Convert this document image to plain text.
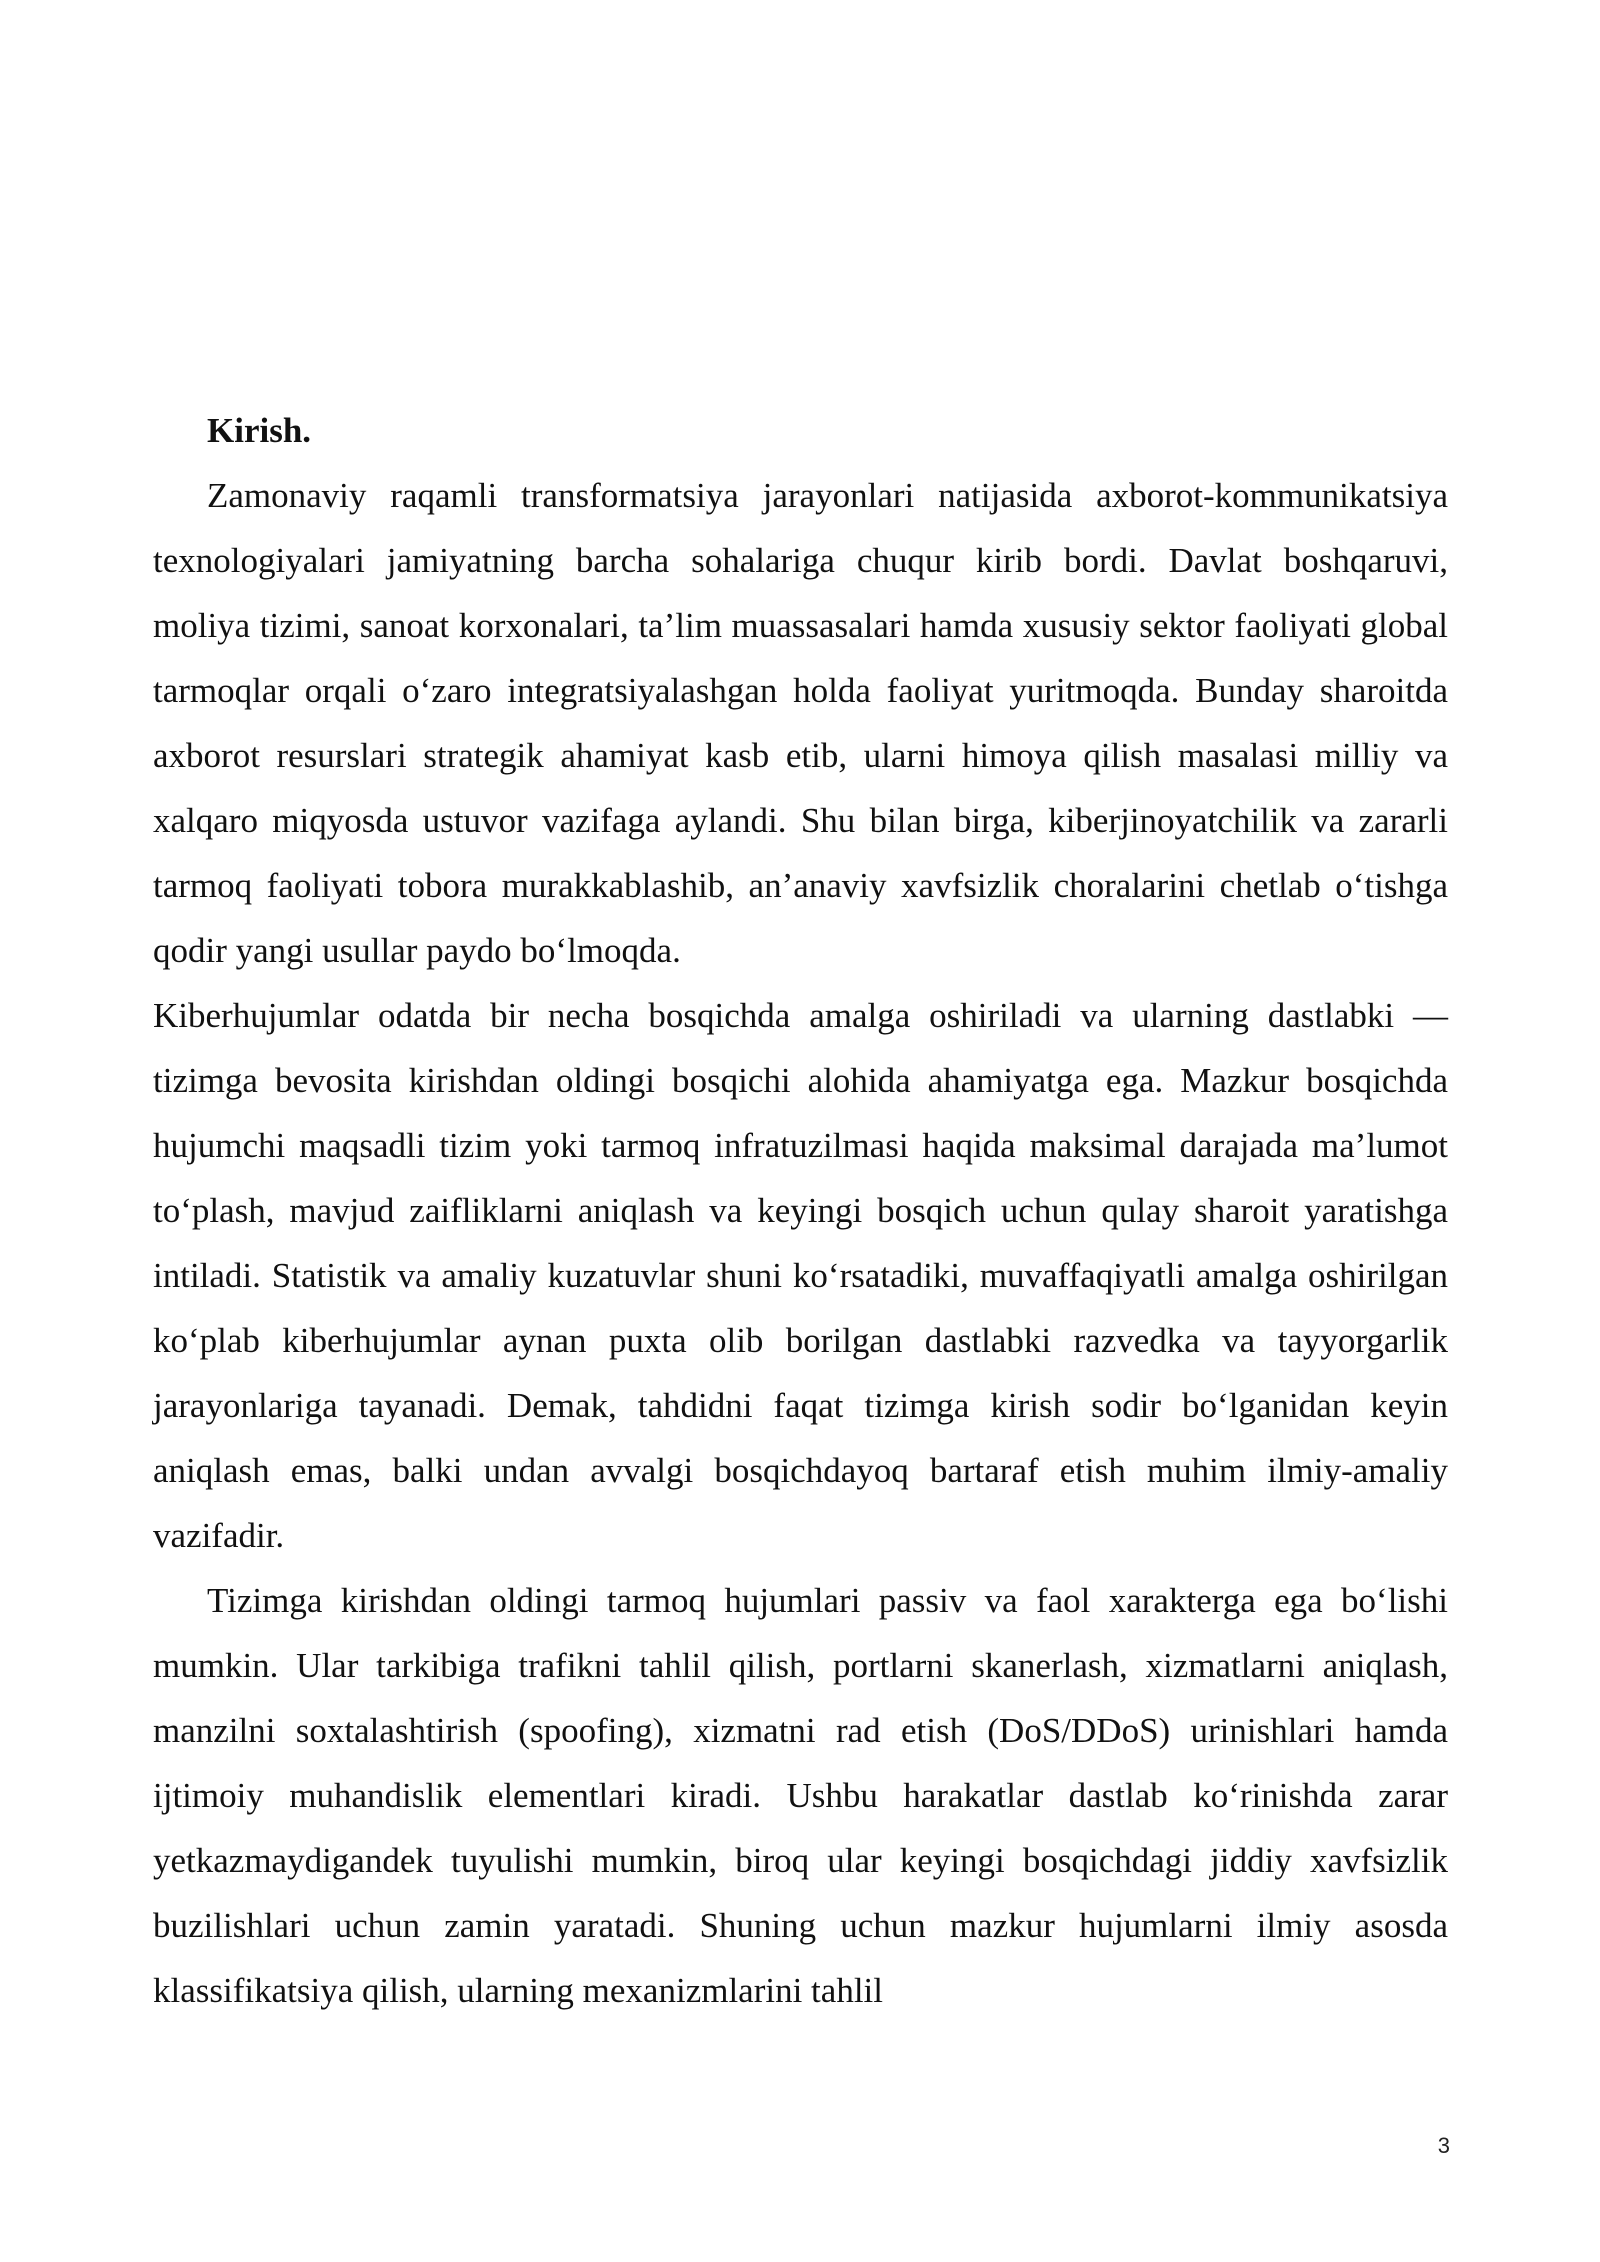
Kirish.

Zamonaviy raqamli transformatsiya jarayonlari natijasida axborot-kommunikatsiya texnologiyalari jamiyatning barcha sohalariga chuqur kirib bordi. Davlat boshqaruvi, moliya tizimi, sanoat korxonalari, ta’lim muassasalari hamda xususiy sektor faoliyati global tarmoqlar orqali o‘zaro integratsiyalashgan holda faoliyat yuritmoqda. Bunday sharoitda axborot resurslari strategik ahamiyat kasb etib, ularni himoya qilish masalasi milliy va xalqaro miqyosda ustuvor vazifaga aylandi. Shu bilan birga, kiberjinoyatchilik va zararli tarmoq faoliyati tobora murakkablashib, an’anaviy xavfsizlik choralarini chetlab o‘tishga qodir yangi usullar paydo bo‘lmoqda.

Kiberhujumlar odatda bir necha bosqichda amalga oshiriladi va ularning dastlabki — tizimga bevosita kirishdan oldingi bosqichi alohida ahamiyatga ega. Mazkur bosqichda hujumchi maqsadli tizim yoki tarmoq infratuzilmasi haqida maksimal darajada ma’lumot to‘plash, mavjud zaifliklarni aniqlash va keyingi bosqich uchun qulay sharoit yaratishga intiladi. Statistik va amaliy kuzatuvlar shuni ko‘rsatadiki, muvaffaqiyatli amalga oshirilgan ko‘plab kiberhujumlar aynan puxta olib borilgan dastlabki razvedka va tayyorgarlik jarayonlariga tayanadi. Demak, tahdidni faqat tizimga kirish sodir bo‘lganidan keyin aniqlash emas, balki undan avvalgi bosqichdayoq bartaraf etish muhim ilmiy-amaliy vazifadir.

Tizimga kirishdan oldingi tarmoq hujumlari passiv va faol xarakterga ega bo‘lishi mumkin. Ular tarkibiga trafikni tahlil qilish, portlarni skanerlash, xizmatlarni aniqlash, manzilni soxtalashtirish (spoofing), xizmatni rad etish (DoS/DDoS) urinishlari hamda ijtimoiy muhandislik elementlari kiradi. Ushbu harakatlar dastlab ko‘rinishda zarar yetkazmaydigandek tuyulishi mumkin, biroq ular keyingi bosqichdagi jiddiy xavfsizlik buzilishlari uchun zamin yaratadi. Shuning uchun mazkur hujumlarni ilmiy asosda klassifikatsiya qilish, ularning mexanizmlarini tahlil

3
